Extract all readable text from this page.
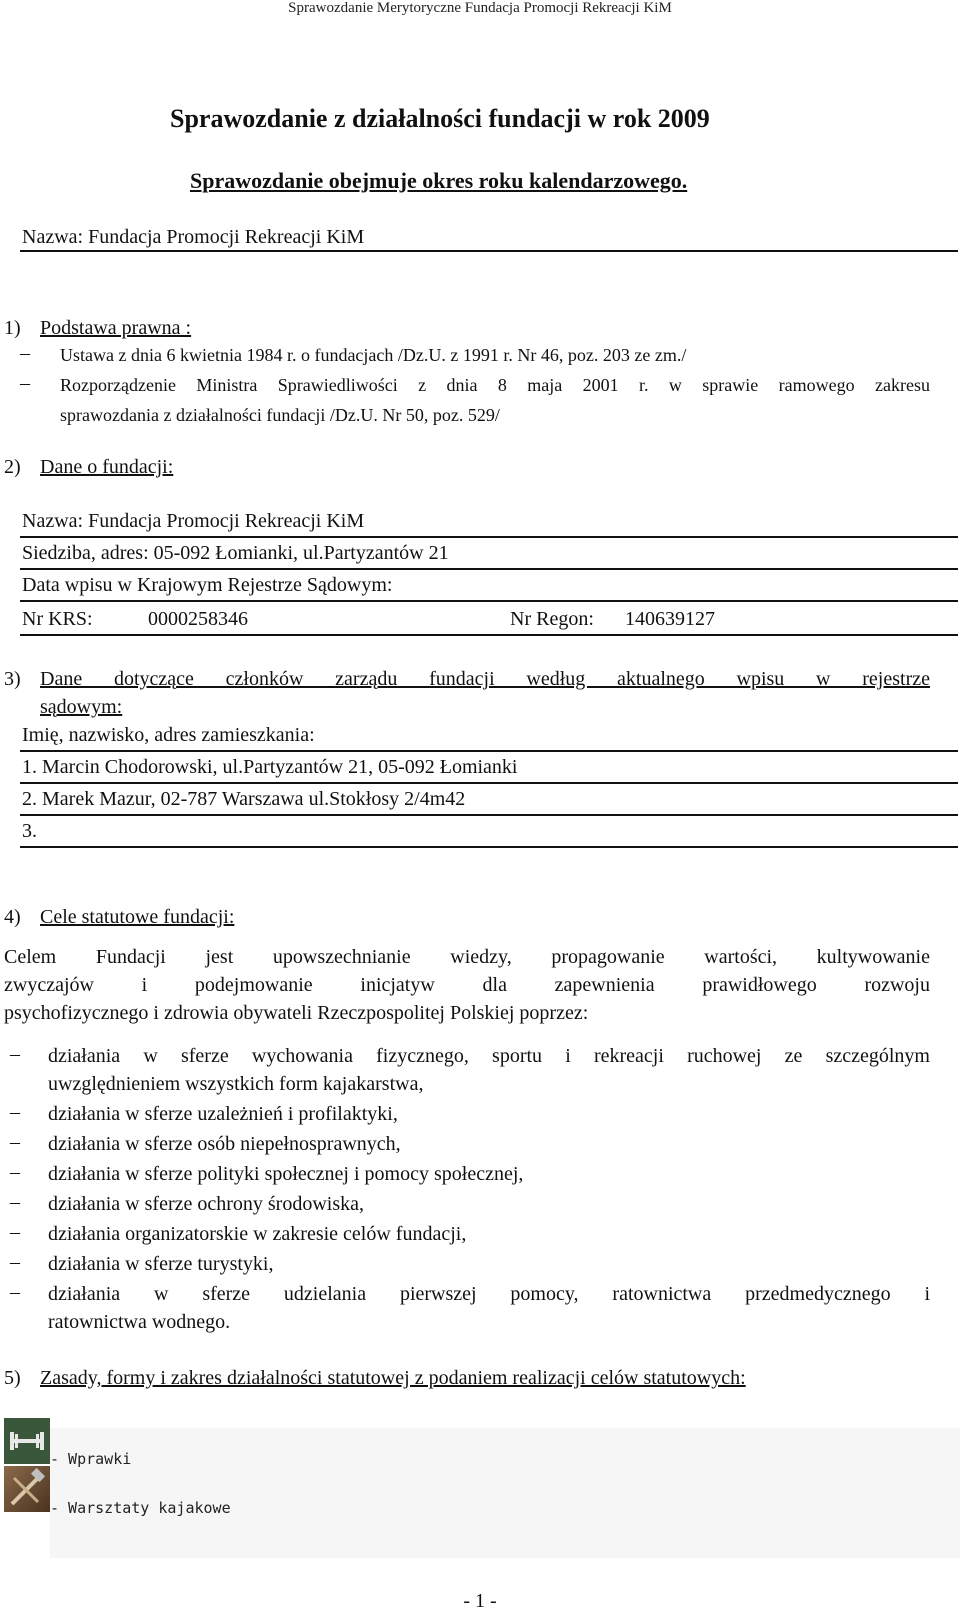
Sprawozdanie Merytoryczne Fundacja Promocji Rekreacji KiM
Sprawozdanie z działalności fundacji w rok 2009
Sprawozdanie obejmuje okres roku kalendarzowego.
Nazwa: Fundacja Promocji Rekreacji KiM
1) Podstawa prawna :
– Ustawa z dnia 6 kwietnia 1984 r. o fundacjach /Dz.U. z 1991 r. Nr 46, poz. 203 ze zm./
– Rozporządzenie Ministra Sprawiedliwości z dnia 8 maja 2001 r. w sprawie ramowego zakresu
sprawozdania z działalności fundacji /Dz.U. Nr 50, poz. 529/
2) Dane o fundacji:
Nazwa: Fundacja Promocji Rekreacji KiM
Siedziba, adres: 05-092 Łomianki, ul.Partyzantów 21
Data wpisu w Krajowym Rejestrze Sądowym:
Nr KRS:	0000258346	Nr Regon: 140639127
3) Dane dotyczące członków zarządu fundacji według aktualnego wpisu w rejestrze
sądowym:
Imię, nazwisko, adres zamieszkania:
1. Marcin Chodorowski, ul.Partyzantów 21, 05-092 Łomianki
2. Marek Mazur, 02-787 Warszawa ul.Stokłosy 2/4m42
3.
4) Cele statutowe fundacji:
Celem Fundacji jest upowszechnianie wiedzy, propagowanie wartości, kultywowanie
zwyczajów i podejmowanie inicjatyw dla zapewnienia prawidłowego rozwoju
psychofizycznego i zdrowia obywateli Rzeczpospolitej Polskiej poprzez:
– działania w sferze wychowania fizycznego, sportu i rekreacji ruchowej ze szczególnym
uwzględnieniem wszystkich form kajakarstwa,
– działania w sferze uzależnień i profilaktyki,
– działania w sferze osób niepełnosprawnych,
– działania w sferze polityki społecznej i pomocy społecznej,
– działania w sferze ochrony środowiska,
– działania organizatorskie w zakresie celów fundacji,
– działania w sferze turystyki,
– działania w sferze udzielania pierwszej pomocy, ratownictwa przedmedycznego i
ratownictwa wodnego.
5) Zasady, formy i zakres działalności statutowej z podaniem realizacji celów statutowych:
- Wprawki
- Warsztaty kajakowe
- 1 -
